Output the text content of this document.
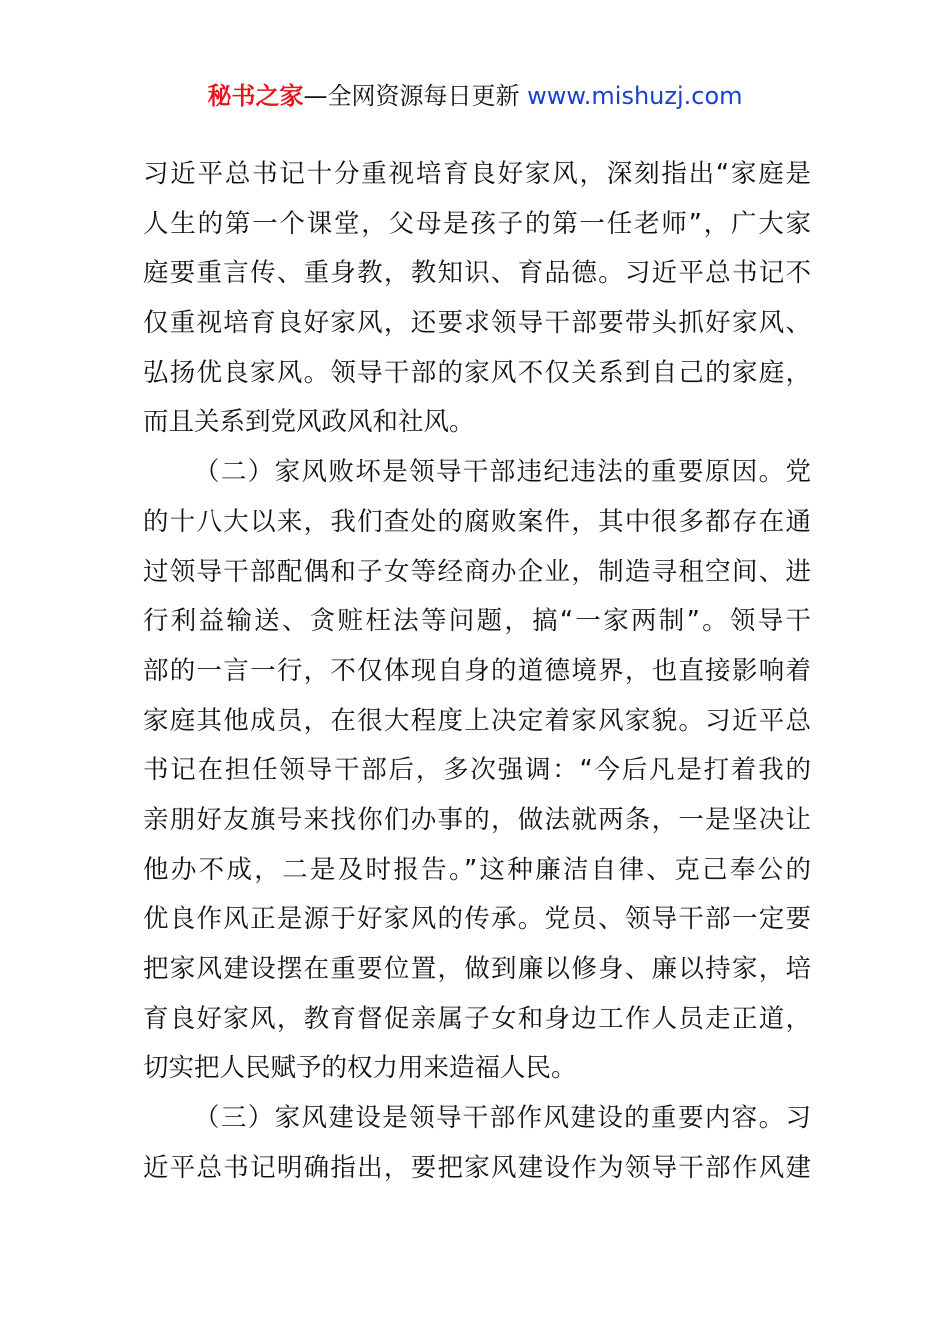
秘书之家—全网资源每日更新 www.mishuzj.com
习近平总书记十分重视培育良好家风，深刻指出“家庭是
人生的第一个课堂，父母是孩子的第一任老师”，广大家
庭要重言传、重身教，教知识、育品德。习近平总书记不
仅重视培育良好家风，还要求领导干部要带头抓好家风、
弘扬优良家风。领导干部的家风不仅关系到自己的家庭，
而且关系到党风政风和社风。
（二）家风败坏是领导干部违纪违法的重要原因。党
的十八大以来，我们查处的腐败案件，其中很多都存在通
过领导干部配偶和子女等经商办企业，制造寻租空间、进
行利益输送、贪赃枉法等问题，搞“一家两制”。领导干
部的一言一行，不仅体现自身的道德境界，也直接影响着
家庭其他成员，在很大程度上决定着家风家貌。习近平总
书记在担任领导干部后，多次强调：“今后凡是打着我的
亲朋好友旗号来找你们办事的，做法就两条，一是坚决让
他办不成，二是及时报告。”这种廉洁自律、克己奉公的
优良作风正是源于好家风的传承。党员、领导干部一定要
把家风建设摆在重要位置，做到廉以修身、廉以持家，培
育良好家风，教育督促亲属子女和身边工作人员走正道，
切实把人民赋予的权力用来造福人民。
（三）家风建设是领导干部作风建设的重要内容。习
近平总书记明确指出，要把家风建设作为领导干部作风建
